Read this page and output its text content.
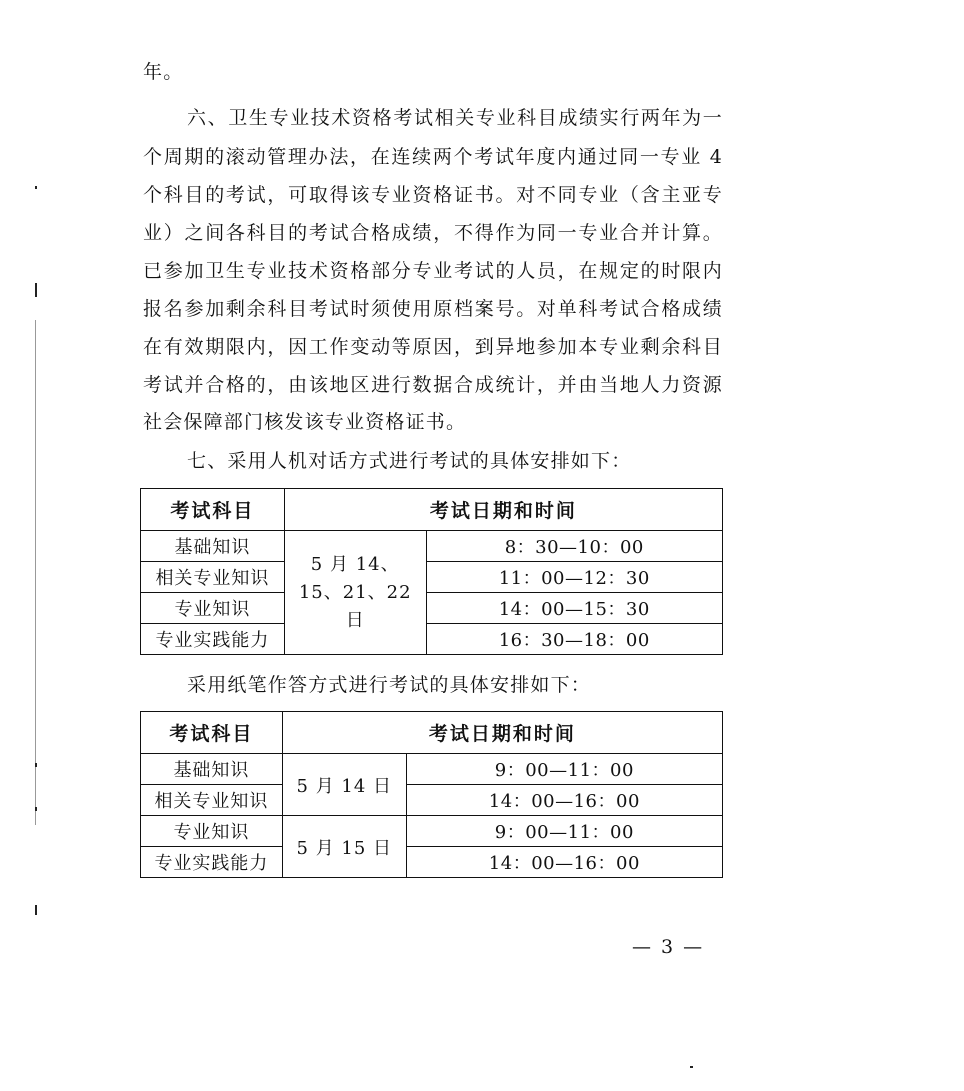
年。
六、卫生专业技术资格考试相关专业科目成绩实行两年为一
个周期的滚动管理办法，在连续两个考试年度内通过同一专业 4
个科目的考试，可取得该专业资格证书。对不同专业（含主亚专
业）之间各科目的考试合格成绩，不得作为同一专业合并计算。
已参加卫生专业技术资格部分专业考试的人员，在规定的时限内
报名参加剩余科目考试时须使用原档案号。对单科考试合格成绩
在有效期限内，因工作变动等原因，到异地参加本专业剩余科目
考试并合格的，由该地区进行数据合成统计，并由当地人力资源
社会保障部门核发该专业资格证书。
七、采用人机对话方式进行考试的具体安排如下：
考试科目	考试日期和时间	
基础知识	5 月 14、15、21、22 日	8：30—10：00
相关专业知识		11：00—12：30
专业知识		14：00—15：30
专业实践能力		16：30—18：00
采用纸笔作答方式进行考试的具体安排如下：
考试科目	考试日期和时间	
基础知识	5 月 14 日	9：00—11：00
相关专业知识		14：00—16：00
专业知识	5 月 15 日	9：00—11：00
专业实践能力		14：00—16：00
— 3 —
